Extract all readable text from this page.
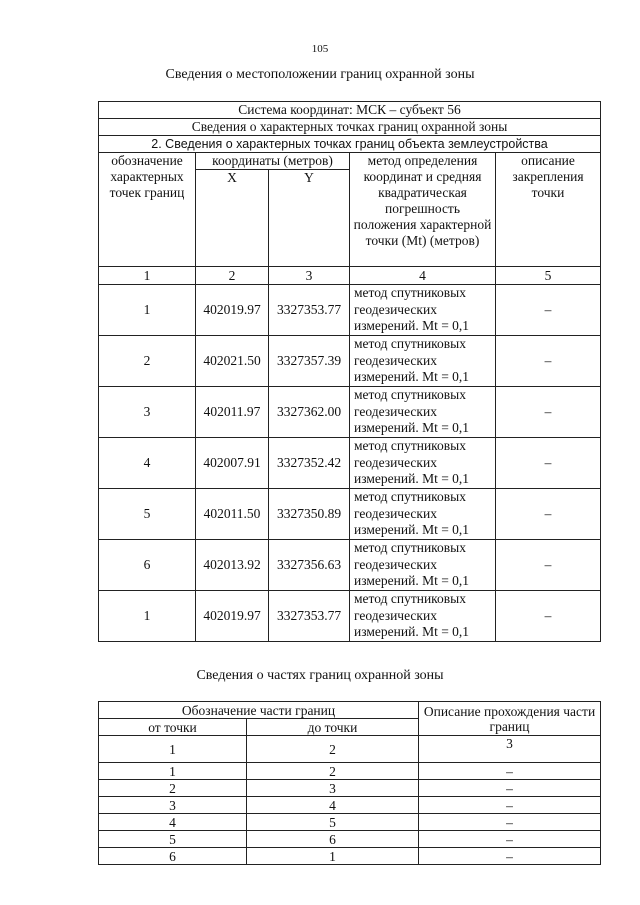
105
Сведения о местоположении границ охранной зоны
Система координат: МСК – субъект 56				
Сведения о характерных точках границ охранной зоны				
2. Сведения о характерных точках границ объекта землеустройства				
обозначение характерных точек границ	координаты (метров)		метод определения координат и средняя квадратическая погрешность положения характерной точки (Mt) (метров)	описание закрепления точки
	X	Y		
1	2	3	4	5
1	402019.97	3327353.77	метод спутниковых геодезических измерений. Mt = 0,1	–
2	402021.50	3327357.39	метод спутниковых геодезических измерений. Mt = 0,1	–
3	402011.97	3327362.00	метод спутниковых геодезических измерений. Mt = 0,1	–
4	402007.91	3327352.42	метод спутниковых геодезических измерений. Mt = 0,1	–
5	402011.50	3327350.89	метод спутниковых геодезических измерений. Mt = 0,1	–
6	402013.92	3327356.63	метод спутниковых геодезических измерений. Mt = 0,1	–
1	402019.97	3327353.77	метод спутниковых геодезических измерений. Mt = 0,1	–
Сведения о частях границ охранной зоны
Обозначение части границ		Описание прохождения части границ
от точки	до точки	
1	2	3
1	2	–
2	3	–
3	4	–
4	5	–
5	6	–
6	1	–
